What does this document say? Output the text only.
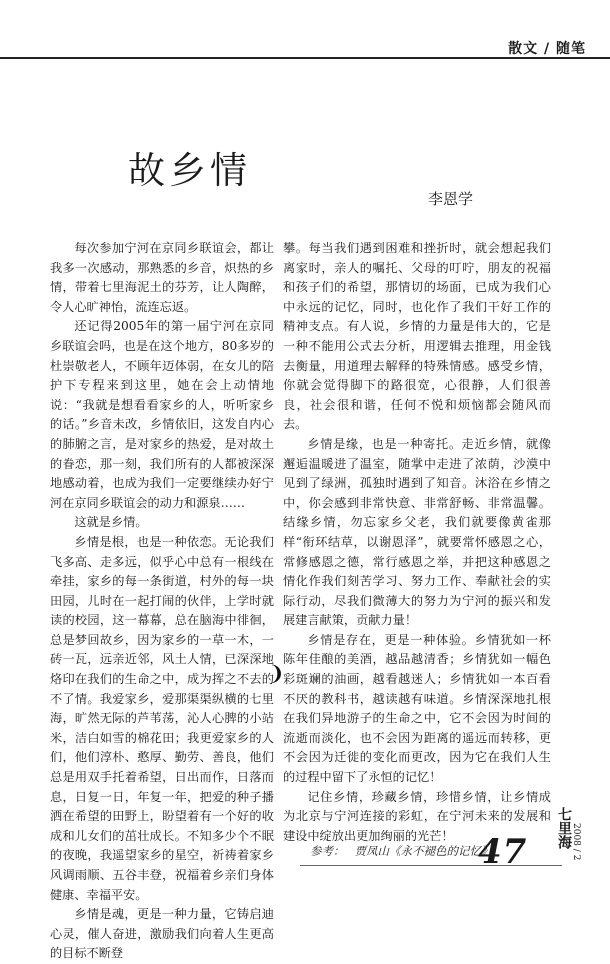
散文 / 随笔
故乡情
李恩学

每次参加宁河在京同乡联谊会，都让我多一次感动，那熟悉的乡音，炽热的乡情，带着七里海泥土的芬芳，让人陶醉，令人心旷神怡，流连忘返。

还记得2005年的第一届宁河在京同乡联谊会吗，也是在这个地方，80多岁的杜崇敬老人，不顾年迈体弱，在女儿的陪护下专程来到这里，她在会上动情地说：“我就是想看看家乡的人，听听家乡的话。”乡音未改，乡情依旧，这发自内心的肺腑之言，是对家乡的热爱，是对故土的眷恋，那一刻，我们所有的人都被深深地感动着，也成为我们一定要继续办好宁河在京同乡联谊会的动力和源泉……

这就是乡情。

乡情是根，也是一种依恋。无论我们飞多高、走多远，似乎心中总有一根线在牵挂，家乡的每一条街道，村外的每一块田园，儿时在一起打闹的伙伴，上学时就读的校园，这一幕幕，总在脑海中徘徊，总是梦回故乡，因为家乡的一草一木，一砖一瓦，远亲近邻，风土人情，已深深地烙印在我们的生命之中，成为挥之不去的不了情。我爱家乡，爱那渠渠纵横的七里海，旷然无际的芦苇荡，沁人心脾的小站米，洁白如雪的棉花田；我更爱家乡的人们，他们淳朴、憨厚、勤劳、善良，他们总是用双手托着希望，日出而作，日落而息，日复一日，年复一年，把爱的种子播洒在希望的田野上，盼望着有一个好的收成和儿女们的茁壮成长。不知多少个不眠的夜晚，我遥望家乡的星空，祈祷着家乡风调雨顺、五谷丰登，祝福着乡亲们身体健康、幸福平安。

乡情是魂，更是一种力量，它铸启迪心灵，催人奋进，激励我们向着人生更高的目标不断登

❩

攀。每当我们遇到困难和挫折时，就会想起我们离家时，亲人的嘱托、父母的叮咛，朋友的祝福和孩子们的希望，那情切的场面，已成为我们心中永远的记忆，同时，也化作了我们干好工作的精神支点。有人说，乡情的力量是伟大的，它是一种不能用公式去分析，用逻辑去推理，用金钱去衡量，用道理去解释的特殊情感。感受乡情，你就会觉得脚下的路很宽，心很静，人们很善良，社会很和谐，任何不悦和烦恼都会随风而去。

乡情是缘，也是一种寄托。走近乡情，就像邂逅温暖进了温室，随掌中走进了浓荫，沙漠中见到了绿洲，孤独时遇到了知音。沐浴在乡情之中，你会感到非常快意、非常舒畅、非常温馨。结缘乡情，勿忘家乡父老，我们就要像黄雀那样“衔环结草，以谢恩泽”，就要常怀感恩之心，常修感恩之德，常行感恩之举，并把这种感恩之情化作我们刻苦学习、努力工作、奉献社会的实际行动，尽我们微薄大的努力为宁河的振兴和发展建言献策，贡献力量！

乡情是存在，更是一种体验。乡情犹如一杯陈年佳酿的美酒，越品越清香；乡情犹如一幅色彩斑斓的油画，越看越迷人；乡情犹如一本百看不厌的教科书，越读越有味道。乡情深深地扎根在我们异地游子的生命之中，它不会因为时间的流逝而淡化，也不会因为距离的遥远而转移，更不会因为迁徙的变化而更改，因为它在我们人生的过程中留下了永恒的记忆！

记住乡情，珍藏乡情，珍惜乡情，让乡情成为北京与宁河连接的彩虹，在宁河未来的发展和建设中绽放出更加绚丽的光芒！

参考： 贾凤山《永不褪色的记忆》
47
七里海 2008 / 2
